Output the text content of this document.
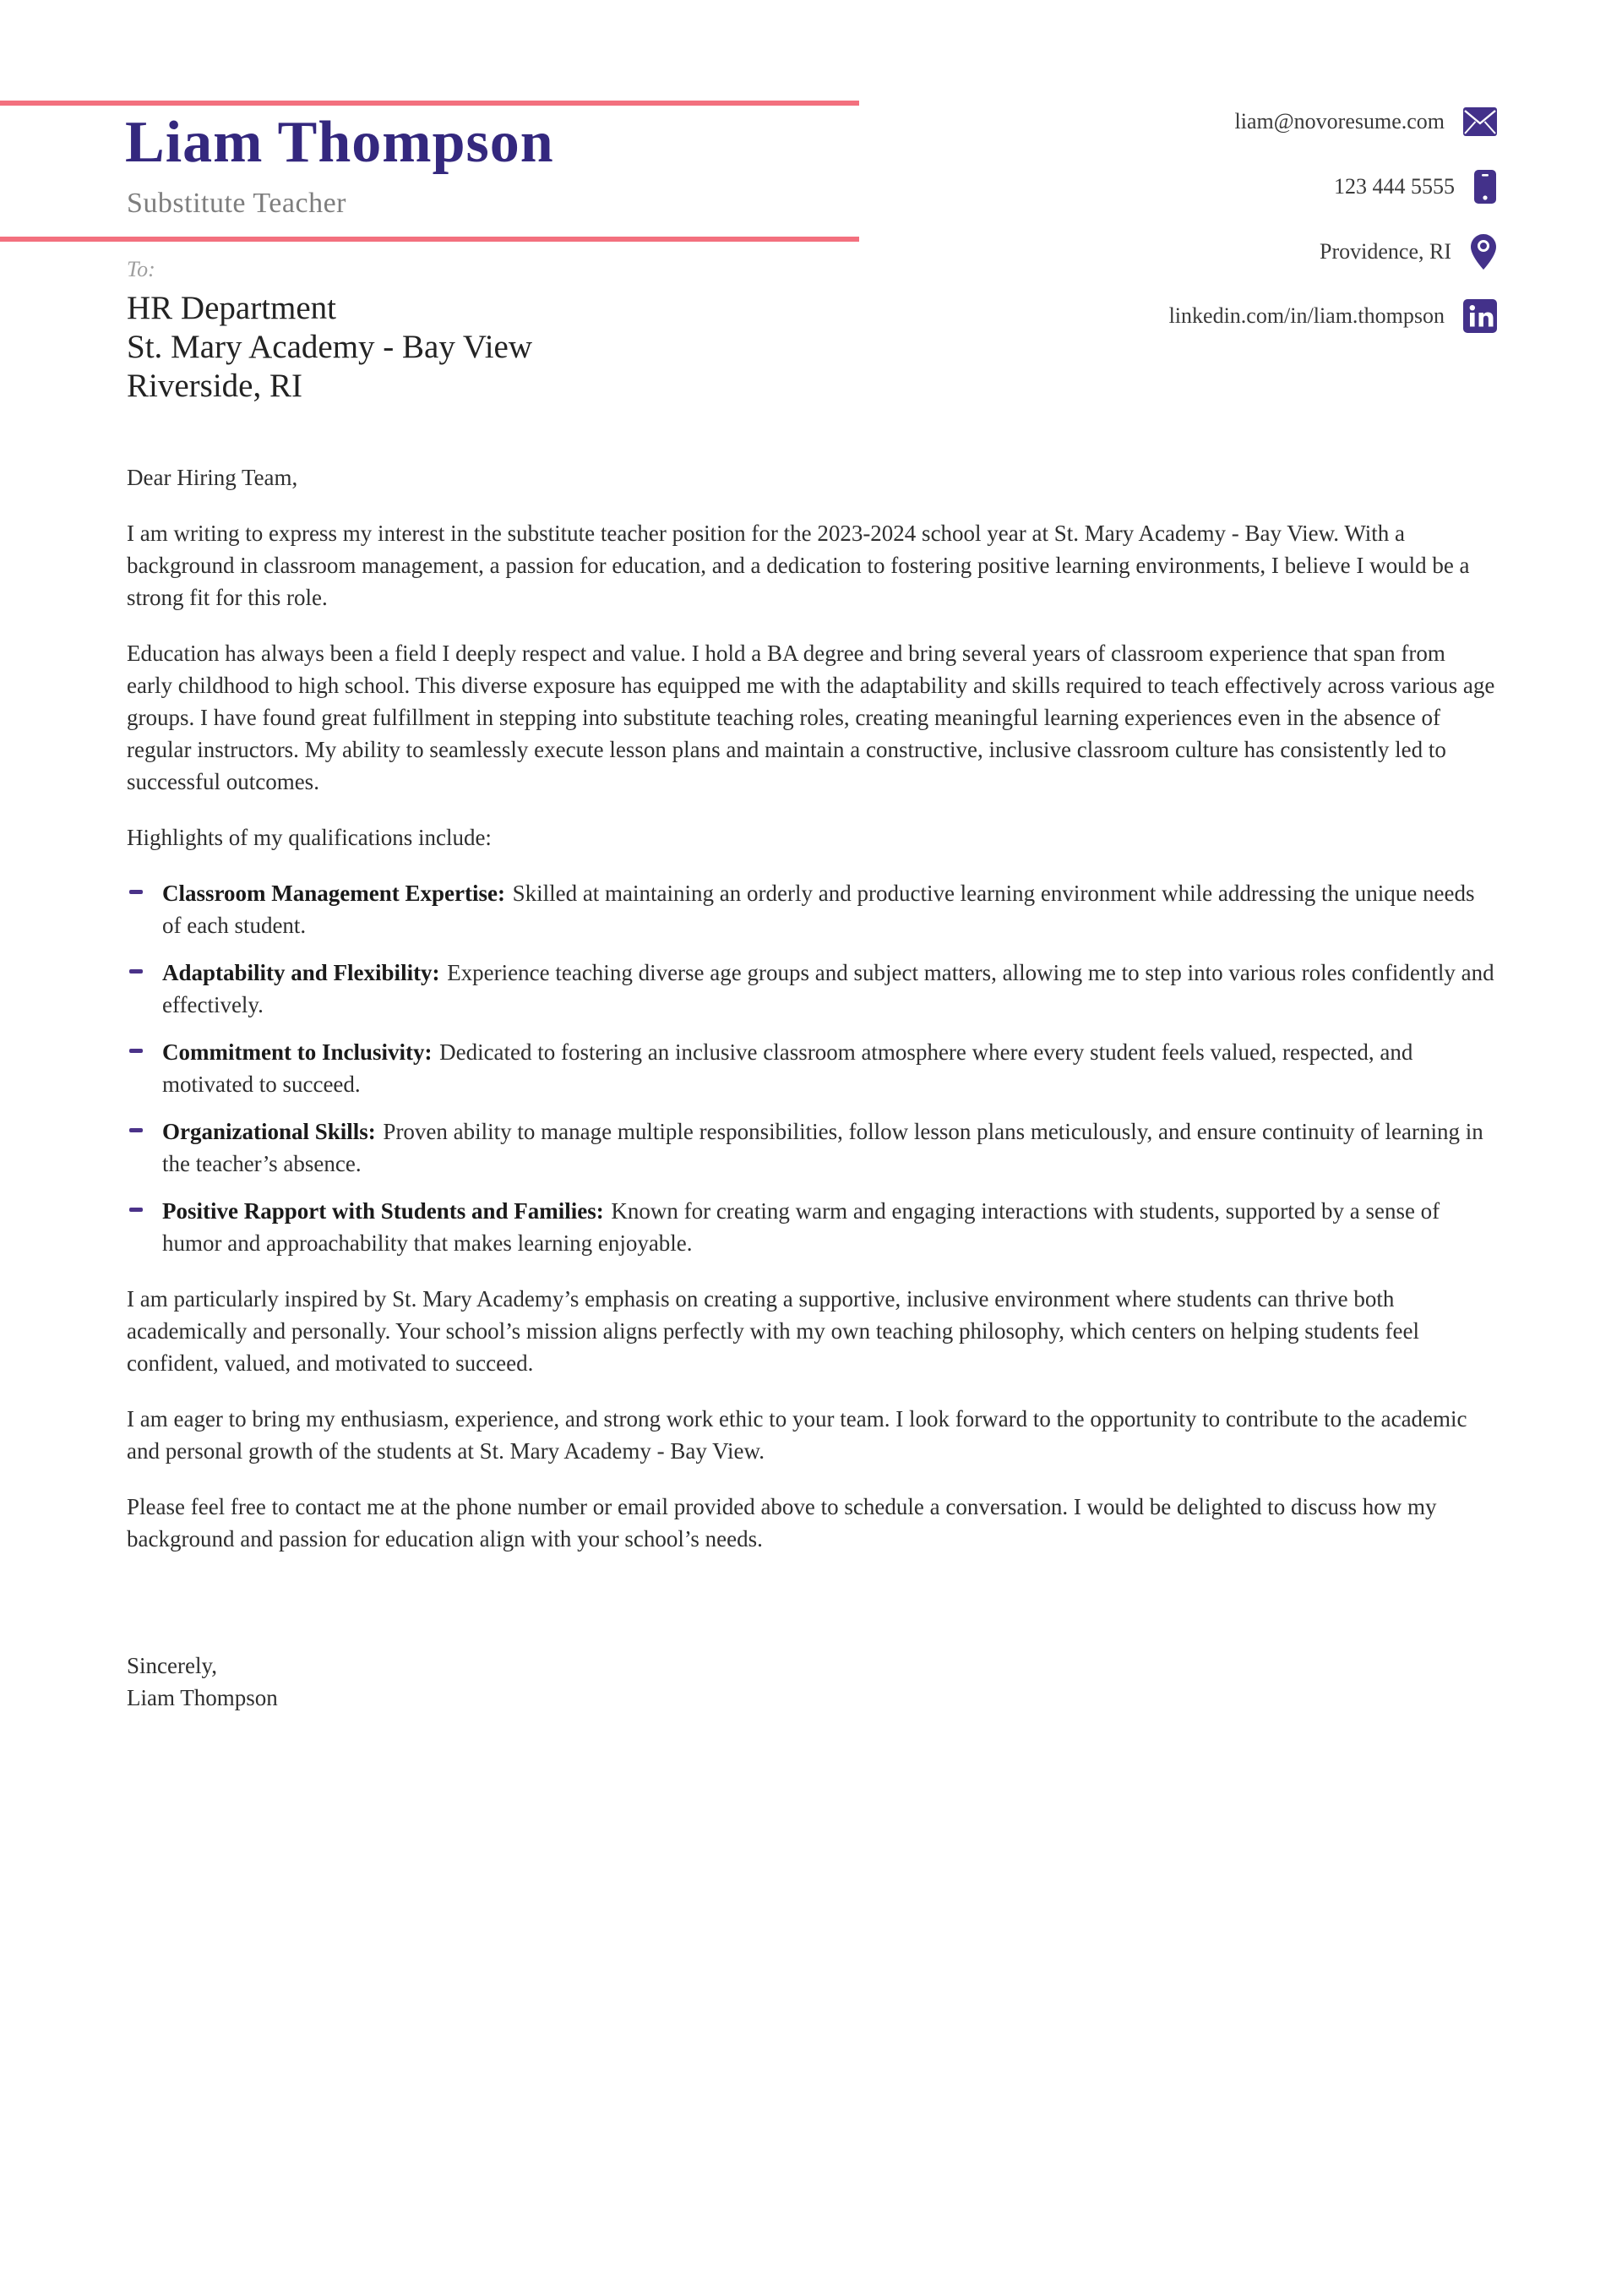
Liam Thompson
Substitute Teacher
liam@novoresume.com
123 444 5555
Providence, RI
linkedin.com/in/liam.thompson
To:
HR Department
St. Mary Academy - Bay View
Riverside, RI

Dear Hiring Team,

I am writing to express my interest in the substitute teacher position for the 2023-2024 school year at St. Mary Academy - Bay View. With a background in classroom management, a passion for education, and a dedication to fostering positive learning environments, I believe I would be a strong fit for this role.

Education has always been a field I deeply respect and value. I hold a BA degree and bring several years of classroom experience that span from early childhood to high school. This diverse exposure has equipped me with the adaptability and skills required to teach effectively across various age groups. I have found great fulfillment in stepping into substitute teaching roles, creating meaningful learning experiences even in the absence of regular instructors. My ability to seamlessly execute lesson plans and maintain a constructive, inclusive classroom culture has consistently led to successful outcomes.

Highlights of my qualifications include:

Classroom Management Expertise: Skilled at maintaining an orderly and productive learning environment while addressing the unique needs of each student.
Adaptability and Flexibility: Experience teaching diverse age groups and subject matters, allowing me to step into various roles confidently and effectively.
Commitment to Inclusivity: Dedicated to fostering an inclusive classroom atmosphere where every student feels valued, respected, and motivated to succeed.
Organizational Skills: Proven ability to manage multiple responsibilities, follow lesson plans meticulously, and ensure continuity of learning in the teacher’s absence.
Positive Rapport with Students and Families: Known for creating warm and engaging interactions with students, supported by a sense of humor and approachability that makes learning enjoyable.

I am particularly inspired by St. Mary Academy’s emphasis on creating a supportive, inclusive environment where students can thrive both academically and personally. Your school’s mission aligns perfectly with my own teaching philosophy, which centers on helping students feel confident, valued, and motivated to succeed.

I am eager to bring my enthusiasm, experience, and strong work ethic to your team. I look forward to the opportunity to contribute to the academic and personal growth of the students at St. Mary Academy - Bay View.

Please feel free to contact me at the phone number or email provided above to schedule a conversation. I would be delighted to discuss how my background and passion for education align with your school’s needs.

Sincerely,
Liam Thompson
